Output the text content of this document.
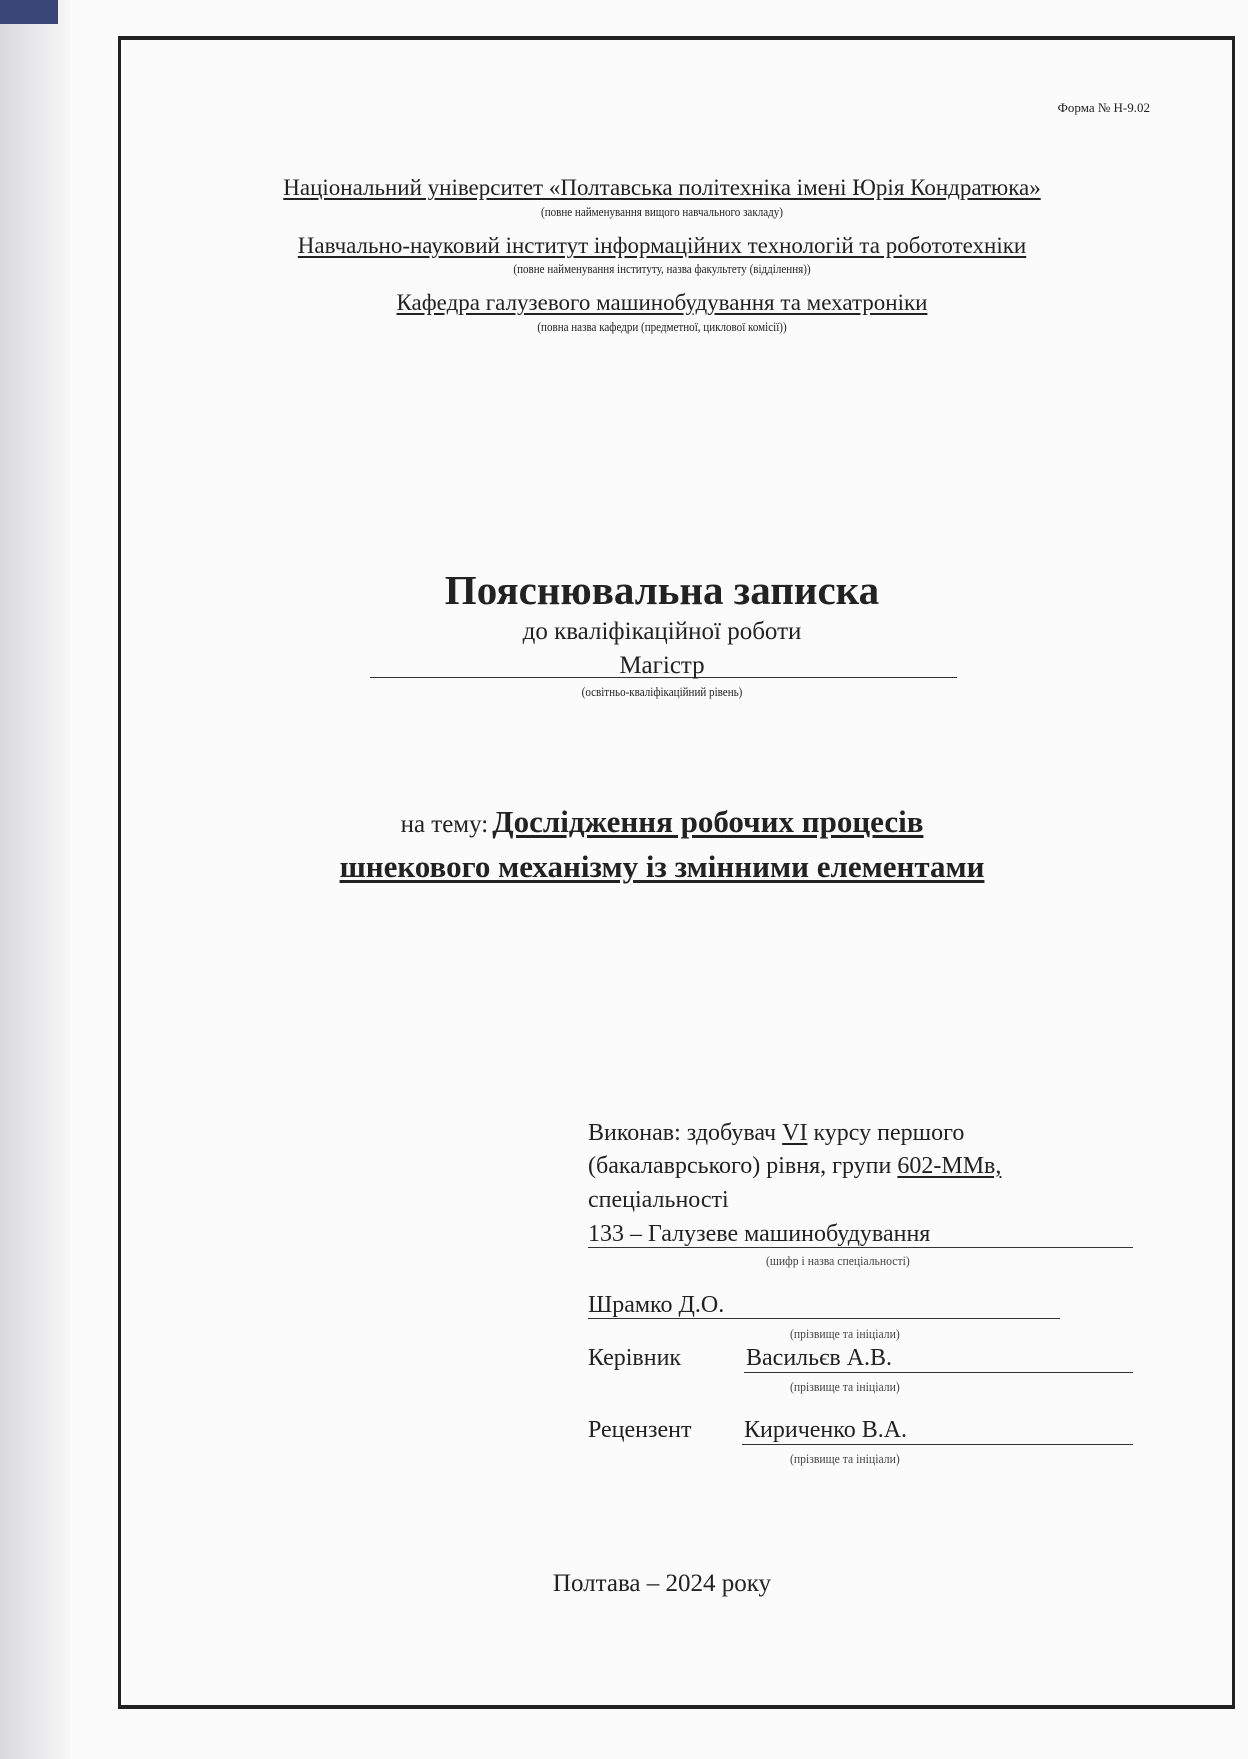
Форма № Н-9.02
Національний університет «Полтавська політехніка імені Юрія Кондратюка»
(повне найменування вищого навчального закладу)
Навчально-науковий інститут інформаційних технологій та робототехніки
(повне найменування інституту, назва факультету (відділення))
Кафедра галузевого машинобудування та мехатроніки
(повна назва кафедри (предметної, циклової комісії))
Пояснювальна записка
до кваліфікаційної роботи
Магістр
(освітньо-кваліфікаційний рівень)
на тему: Дослідження робочих процесів
шнекового механізму із змінними елементами
Виконав: здобувач VI курсу першого
(бакалаврського) рівня, групи 602-ММв,
спеціальності
133 – Галузеве машинобудування
(шифр і назва спеціальності)
Шрамко Д.О.
(прізвище та ініціали)
Керівник	Васильєв А.В.
(прізвище та ініціали)
Рецензент Кириченко В.А.
(прізвище та ініціали)
Полтава – 2024 року
